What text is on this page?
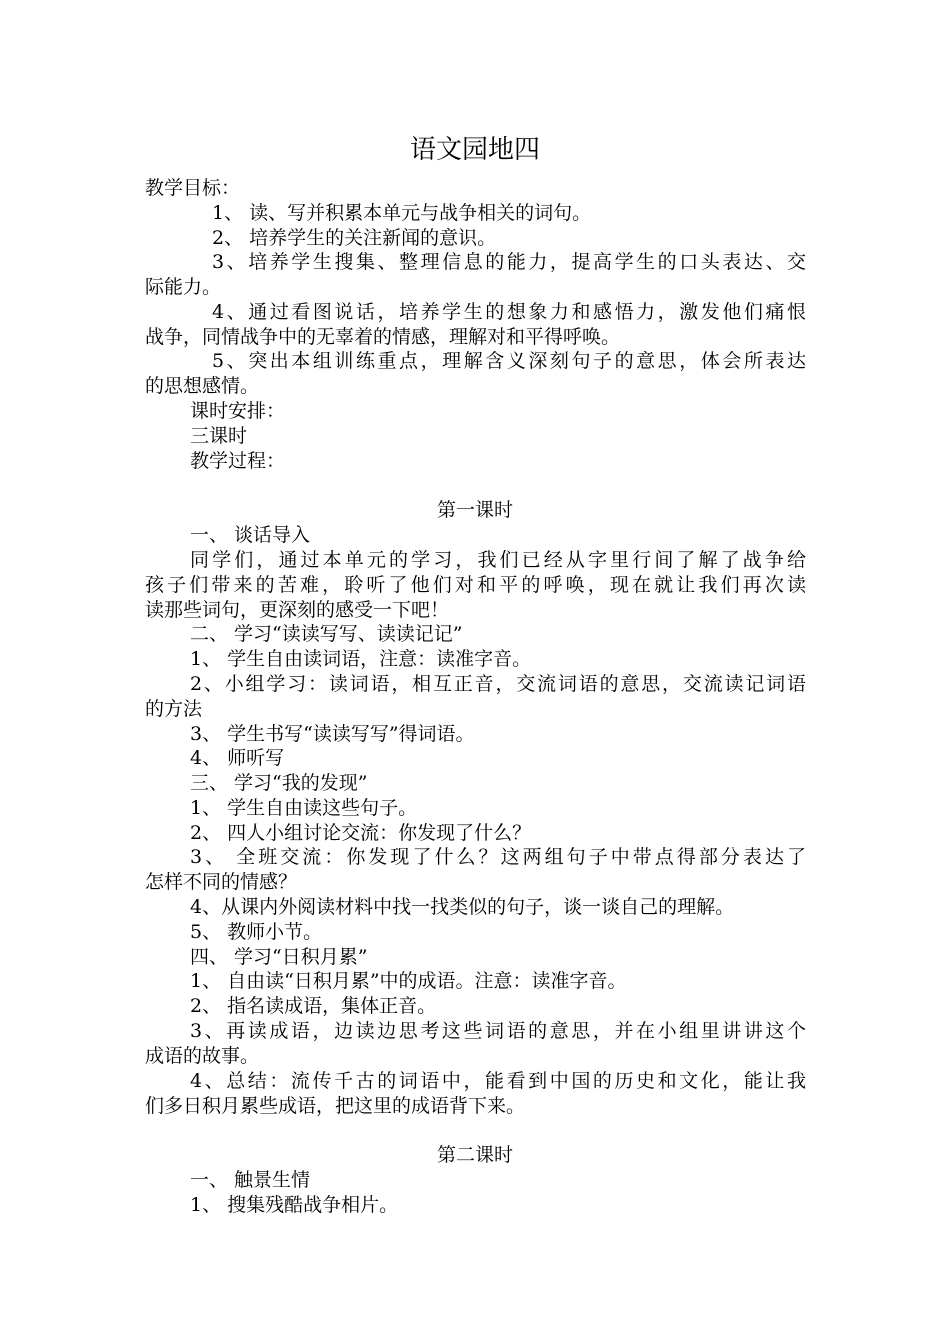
语文园地四
教学目标：
1、 读、写并积累本单元与战争相关的词句。
2、 培养学生的关注新闻的意识。
3、培养学生搜集、整理信息的能力，提高学生的口头表达、交
际能力。
4、通过看图说话，培养学生的想象力和感悟力，激发他们痛恨
战争，同情战争中的无辜着的情感，理解对和平得呼唤。
5、突出本组训练重点，理解含义深刻句子的意思，体会所表达
的思想感情。
课时安排：
三课时
教学过程：
第一课时
一、 谈话导入
同学们，通过本单元的学习，我们已经从字里行间了解了战争给
孩子们带来的苦难，聆听了他们对和平的呼唤，现在就让我们再次读
读那些词句，更深刻的感受一下吧！
二、 学习“读读写写、读读记记”
1、 学生自由读词语，注意：读准字音。
2、小组学习：读词语，相互正音，交流词语的意思，交流读记词语
的方法
3、 学生书写“读读写写”得词语。
4、 师听写
三、 学习“我的发现”
1、 学生自由读这些句子。
2、 四人小组讨论交流：你发现了什么？
3、 全班交流：你发现了什么？这两组句子中带点得部分表达了
怎样不同的情感？
4、从课内外阅读材料中找一找类似的句子，谈一谈自己的理解。
5、 教师小节。
四、 学习“日积月累”
1、 自由读“日积月累”中的成语。注意：读准字音。
2、 指名读成语，集体正音。
3、再读成语，边读边思考这些词语的意思，并在小组里讲讲这个
成语的故事。
4、总结：流传千古的词语中，能看到中国的历史和文化，能让我
们多日积月累些成语，把这里的成语背下来。
第二课时
一、 触景生情
1、 搜集残酷战争相片。
